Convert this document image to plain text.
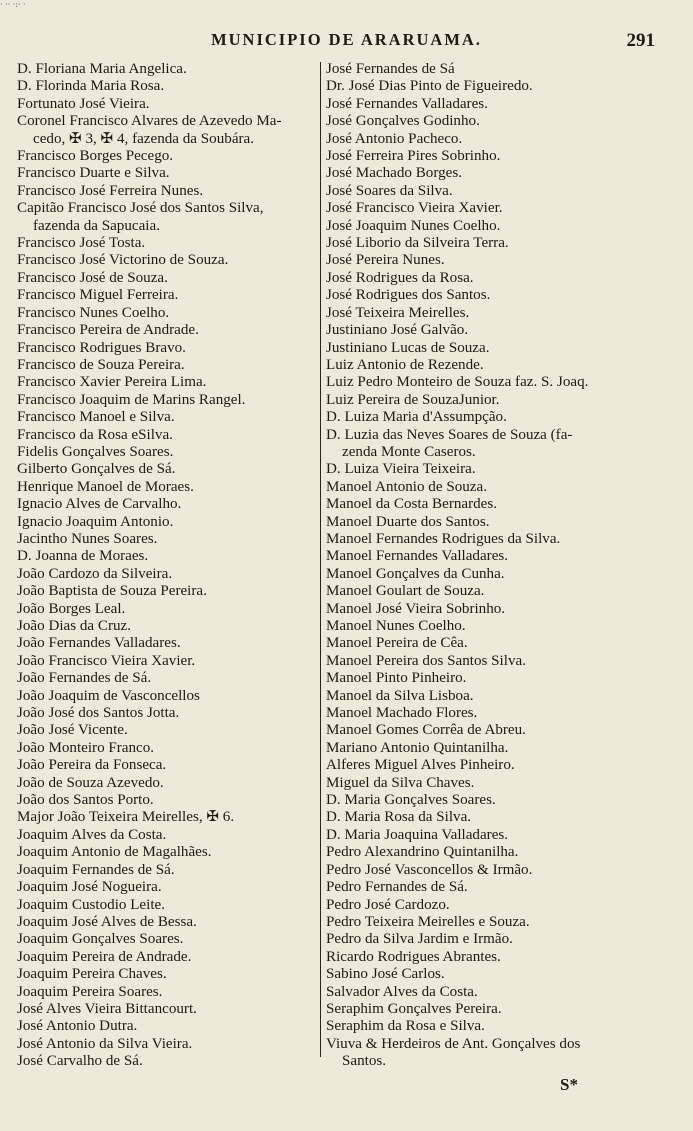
· ·· ·:· ·
MUNICIPIO DE ARARUAMA.	291
D. Floriana Maria Angelica.
D. Florinda Maria Rosa.
Fortunato José Vieira.
Coronel Francisco Alvares de Azevedo Ma-
cedo, ✠ 3, ✠ 4, fazenda da Soubára.
Francisco Borges Pecego.
Francisco Duarte e Silva.
Francisco José Ferreira Nunes.
Capitão Francisco José dos Santos Silva,
fazenda da Sapucaia.
Francisco José Tosta.
Francisco José Victorino de Souza.
Francisco José de Souza.
Francisco Miguel Ferreira.
Francisco Nunes Coelho.
Francisco Pereira de Andrade.
Francisco Rodrigues Bravo.
Francisco de Souza Pereira.
Francisco Xavier Pereira Lima.
Francisco Joaquim de Marins Rangel.
Francisco Manoel e Silva.
Francisco da Rosa eSilva.
Fidelis Gonçalves Soares.
Gilberto Gonçalves de Sá.
Henrique Manoel de Moraes.
Ignacio Alves de Carvalho.
Ignacio Joaquim Antonio.
Jacintho Nunes Soares.
D. Joanna de Moraes.
João Cardozo da Silveira.
João Baptista de Souza Pereira.
João Borges Leal.
João Dias da Cruz.
João Fernandes Valladares.
João Francisco Vieira Xavier.
João Fernandes de Sá.
João Joaquim de Vasconcellos
João José dos Santos Jotta.
João José Vicente.
João Monteiro Franco.
João Pereira da Fonseca.
João de Souza Azevedo.
João dos Santos Porto.
Major João Teixeira Meirelles, ✠ 6.
Joaquim Alves da Costa.
Joaquim Antonio de Magalhães.
Joaquim Fernandes de Sá.
Joaquim José Nogueira.
Joaquim Custodio Leite.
Joaquim José Alves de Bessa.
Joaquim Gonçalves Soares.
Joaquim Pereira de Andrade.
Joaquim Pereira Chaves.
Joaquim Pereira Soares.
José Alves Vieira Bittancourt.
José Antonio Dutra.
José Antonio da Silva Vieira.
José Carvalho de Sá.
José Fernandes de Sá
Dr. José Dias Pinto de Figueiredo.
José Fernandes Valladares.
José Gonçalves Godinho.
José Antonio Pacheco.
José Ferreira Pires Sobrinho.
José Machado Borges.
José Soares da Silva.
José Francisco Vieira Xavier.
José Joaquim Nunes Coelho.
José Liborio da Silveira Terra.
José Pereira Nunes.
José Rodrigues da Rosa.
José Rodrigues dos Santos.
José Teixeira Meirelles.
Justiniano José Galvão.
Justiniano Lucas de Souza.
Luiz Antonio de Rezende.
Luiz Pedro Monteiro de Souza faz. S. Joaq.
Luiz Pereira de SouzaJunior.
D. Luiza Maria d'Assumpção.
D. Luzia das Neves Soares de Souza (fa-
zenda Monte Caseros.
D. Luiza Vieira Teixeira.
Manoel Antonio de Souza.
Manoel da Costa Bernardes.
Manoel Duarte dos Santos.
Manoel Fernandes Rodrigues da Silva.
Manoel Fernandes Valladares.
Manoel Gonçalves da Cunha.
Manoel Goulart de Souza.
Manoel José Vieira Sobrinho.
Manoel Nunes Coelho.
Manoel Pereira de Cêa.
Manoel Pereira dos Santos Silva.
Manoel Pinto Pinheiro.
Manoel da Silva Lisboa.
Manoel Machado Flores.
Manoel Gomes Corrêa de Abreu.
Mariano Antonio Quintanilha.
Alferes Miguel Alves Pinheiro.
Miguel da Silva Chaves.
D. Maria Gonçalves Soares.
D. Maria Rosa da Silva.
D. Maria Joaquina Valladares.
Pedro Alexandrino Quintanilha.
Pedro José Vasconcellos & Irmão.
Pedro Fernandes de Sá.
Pedro José Cardozo.
Pedro Teixeira Meirelles e Souza.
Pedro da Silva Jardim e Irmão.
Ricardo Rodrigues Abrantes.
Sabino José Carlos.
Salvador Alves da Costa.
Seraphim Gonçalves Pereira.
Seraphim da Rosa e Silva.
Viuva & Herdeiros de Ant. Gonçalves dos
Santos.
S*
